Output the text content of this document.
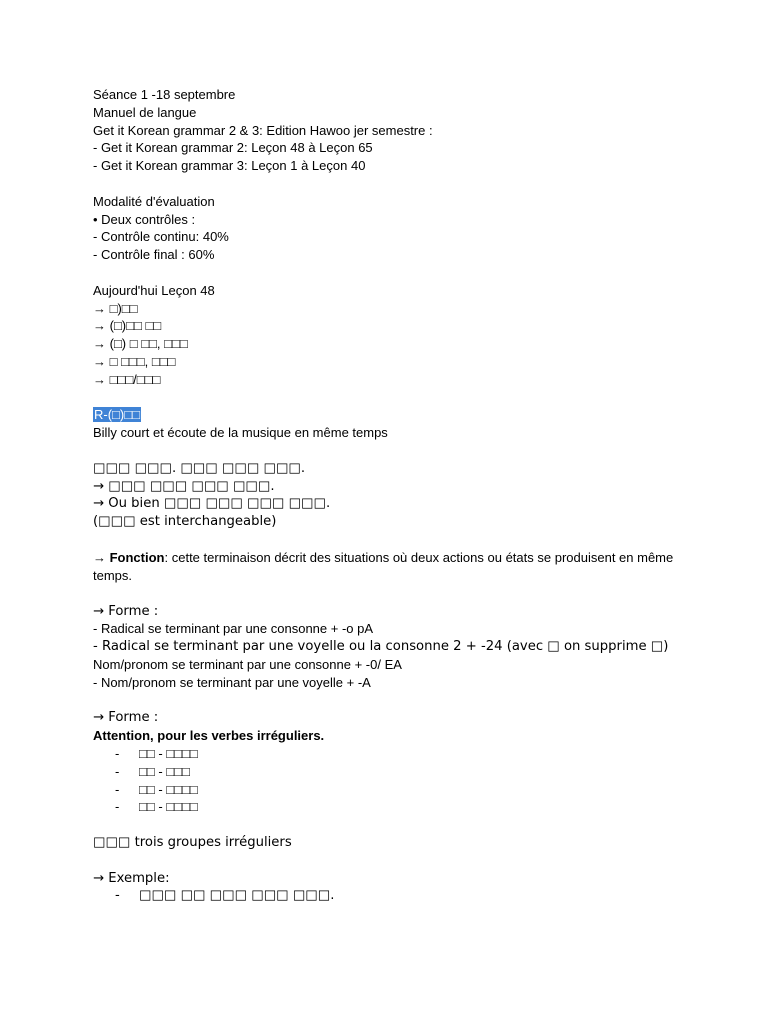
Séance 1 -18 septembre
Manuel de langue
Get it Korean grammar 2 & 3: Edition Hawoo jer semestre :
- Get it Korean grammar 2: Leçon 48 à Leçon 65
- Get it Korean grammar 3: Leçon 1 à Leçon 40
Modalité d'évaluation
• Deux contrôles :
- Contrôle continu: 40%
- Contrôle final : 60%
Aujourd'hui Leçon 48
→ □)□□
→ (□)□□ □□
→ (□) □ □□, □□□
→ □ □□□, □□□
→ □□□/□□□
R-(□)□□
Billy court et écoute de la musique en même temps
□□□ □□□. □□□ □□□ □□□.
→ □□□ □□□ □□□ □□□.
→ Ou bien □□□ □□□ □□□ □□□.
(□□□ est interchangeable)
→ Fonction: cette terminaison décrit des situations où deux actions ou états se produisent en même temps.
→ Forme :
- Radical se terminant par une consonne + -o pA
- Radical se terminant par une voyelle ou la consonne 2 + -24 (avec □ on supprime □)
Nom/pronom se terminant par une consonne + -0/ EA
- Nom/pronom se terminant par une voyelle + -A
→ Forme :
Attention, pour les verbes irréguliers.
- □□ - □□□□
- □□ - □□□
- □□ - □□□□
- □□ - □□□□
□□□ trois groupes irréguliers
→ Exemple:
- □□□ □□ □□□ □□□ □□□.
